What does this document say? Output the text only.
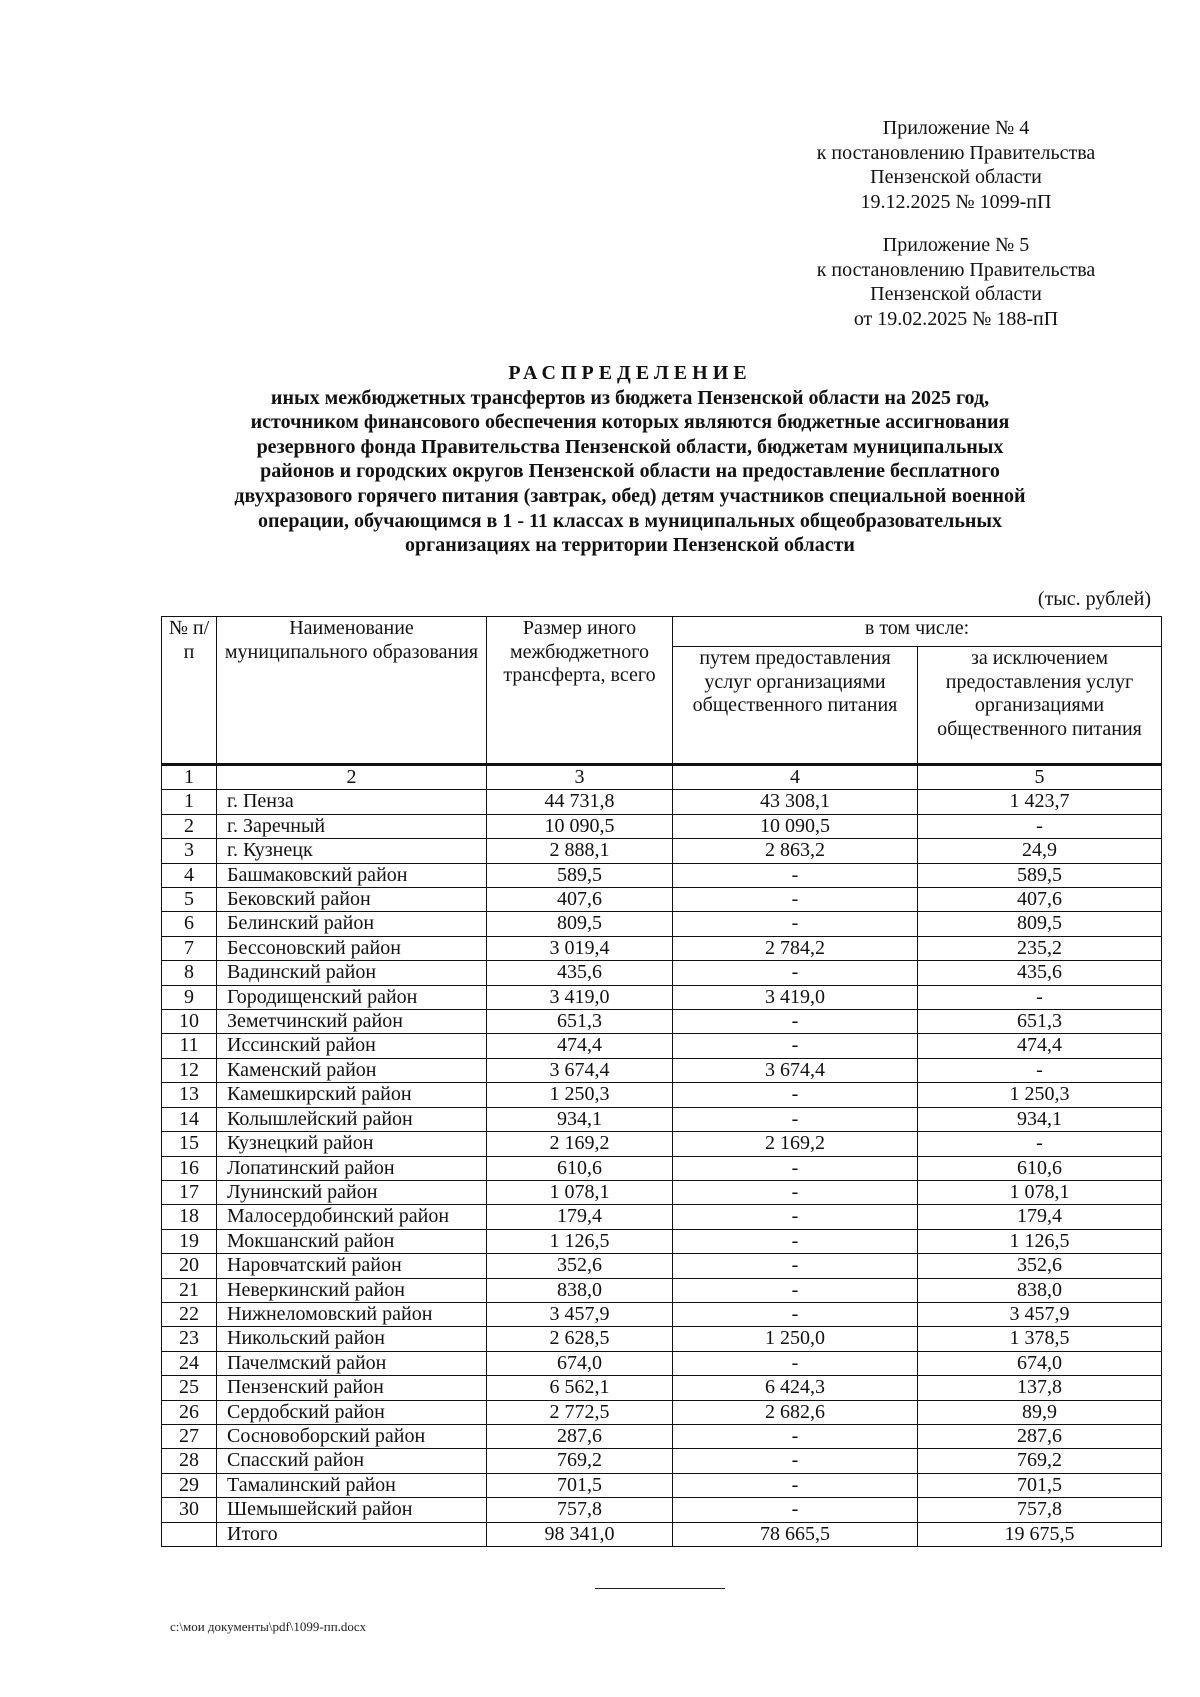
Приложение № 4
к постановлению Правительства
Пензенской области
19.12.2025 № 1099-пП
Приложение № 5
к постановлению Правительства
Пензенской области
от 19.02.2025 № 188-пП
РАСПРЕДЕЛЕНИЕ
иных межбюджетных трансфертов из бюджета Пензенской области на 2025 год,
источником финансового обеспечения которых являются бюджетные ассигнования
резервного фонда Правительства Пензенской области, бюджетам муниципальных
районов и городских округов Пензенской области на предоставление бесплатного
двухразового горячего питания (завтрак, обед) детям участников специальной военной
операции, обучающимся в 1 - 11 классах в муниципальных общеобразовательных
организациях на территории Пензенской области
(тыс. рублей)
№ п/п	Наименование муниципального образования	Размер иного межбюджетного трансферта, всего	в том числе:	
			путем предоставления услуг организациями общественного питания	за исключением предоставления услуг организациями общественного питания

1	2	3	4	5
1	г. Пенза	44 731,8	43 308,1	1 423,7
2	г. Заречный	10 090,5	10 090,5	-
3	г. Кузнецк	2 888,1	2 863,2	24,9
4	Башмаковский район	589,5	-	589,5
5	Бековский район	407,6	-	407,6
6	Белинский район	809,5	-	809,5
7	Бессоновский район	3 019,4	2 784,2	235,2
8	Вадинский район	435,6	-	435,6
9	Городищенский район	3 419,0	3 419,0	-
10	Земетчинский район	651,3	-	651,3
11	Иссинский район	474,4	-	474,4
12	Каменский район	3 674,4	3 674,4	-
13	Камешкирский район	1 250,3	-	1 250,3
14	Колышлейский район	934,1	-	934,1
15	Кузнецкий район	2 169,2	2 169,2	-
16	Лопатинский район	610,6	-	610,6
17	Лунинский район	1 078,1	-	1 078,1
18	Малосердобинский район	179,4	-	179,4
19	Мокшанский район	1 126,5	-	1 126,5
20	Наровчатский район	352,6	-	352,6
21	Неверкинский район	838,0	-	838,0
22	Нижнеломовский район	3 457,9	-	3 457,9
23	Никольский район	2 628,5	1 250,0	1 378,5
24	Пачелмский район	674,0	-	674,0
25	Пензенский район	6 562,1	6 424,3	137,8
26	Сердобский район	2 772,5	2 682,6	89,9
27	Сосновоборский район	287,6	-	287,6
28	Спасский район	769,2	-	769,2
29	Тамалинский район	701,5	-	701,5
30	Шемышейский район	757,8	-	757,8
	Итого	98 341,0	78 665,5	19 675,5
c:\мои документы\pdf\1099-пп.docx
